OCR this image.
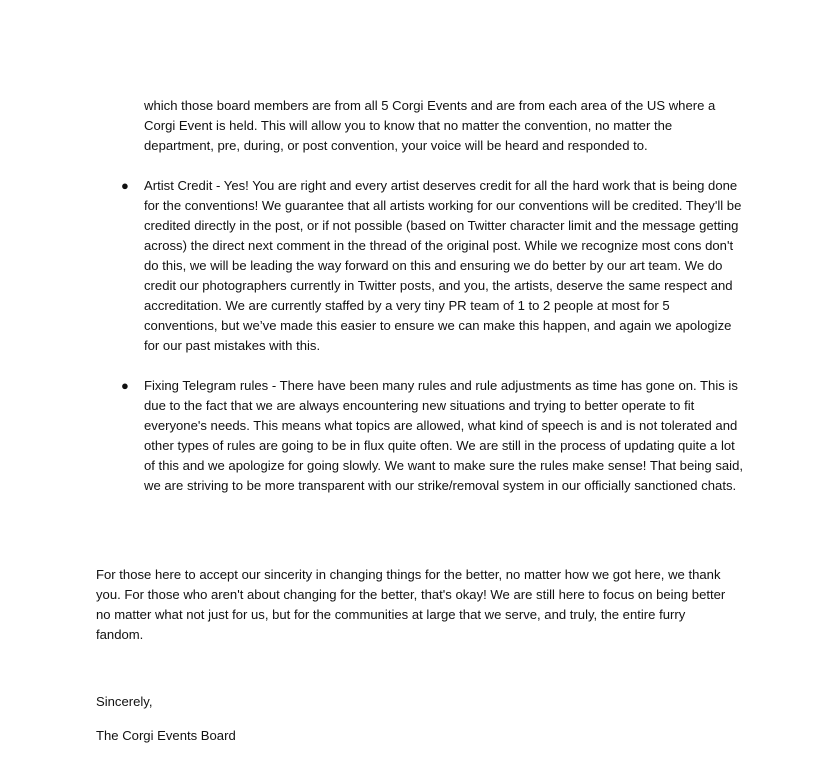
which those board members are from all 5 Corgi Events and are from each area of the US where a Corgi Event is held. This will allow you to know that no matter the convention, no matter the department, pre, during, or post convention, your voice will be heard and responded to.

● Artist Credit - Yes! You are right and every artist deserves credit for all the hard work that is being done for the conventions! We guarantee that all artists working for our conventions will be credited. They'll be credited directly in the post, or if not possible (based on Twitter character limit and the message getting across) the direct next comment in the thread of the original post. While we recognize most cons don't do this, we will be leading the way forward on this and ensuring we do better by our art team. We do credit our photographers currently in Twitter posts, and you, the artists, deserve the same respect and accreditation. We are currently staffed by a very tiny PR team of 1 to 2 people at most for 5 conventions, but we’ve made this easier to ensure we can make this happen, and again we apologize for our past mistakes with this.
● Fixing Telegram rules - There have been many rules and rule adjustments as time has gone on. This is due to the fact that we are always encountering new situations and trying to better operate to fit everyone's needs. This means what topics are allowed, what kind of speech is and is not tolerated and other types of rules are going to be in flux quite often. We are still in the process of updating quite a lot of this and we apologize for going slowly. We want to make sure the rules make sense! That being said, we are striving to be more transparent with our strike/removal system in our officially sanctioned chats.

For those here to accept our sincerity in changing things for the better, no matter how we got here, we thank you. For those who aren't about changing for the better, that's okay! We are still here to focus on being better no matter what not just for us, but for the communities at large that we serve, and truly, the entire furry fandom.

Sincerely,

The Corgi Events Board
